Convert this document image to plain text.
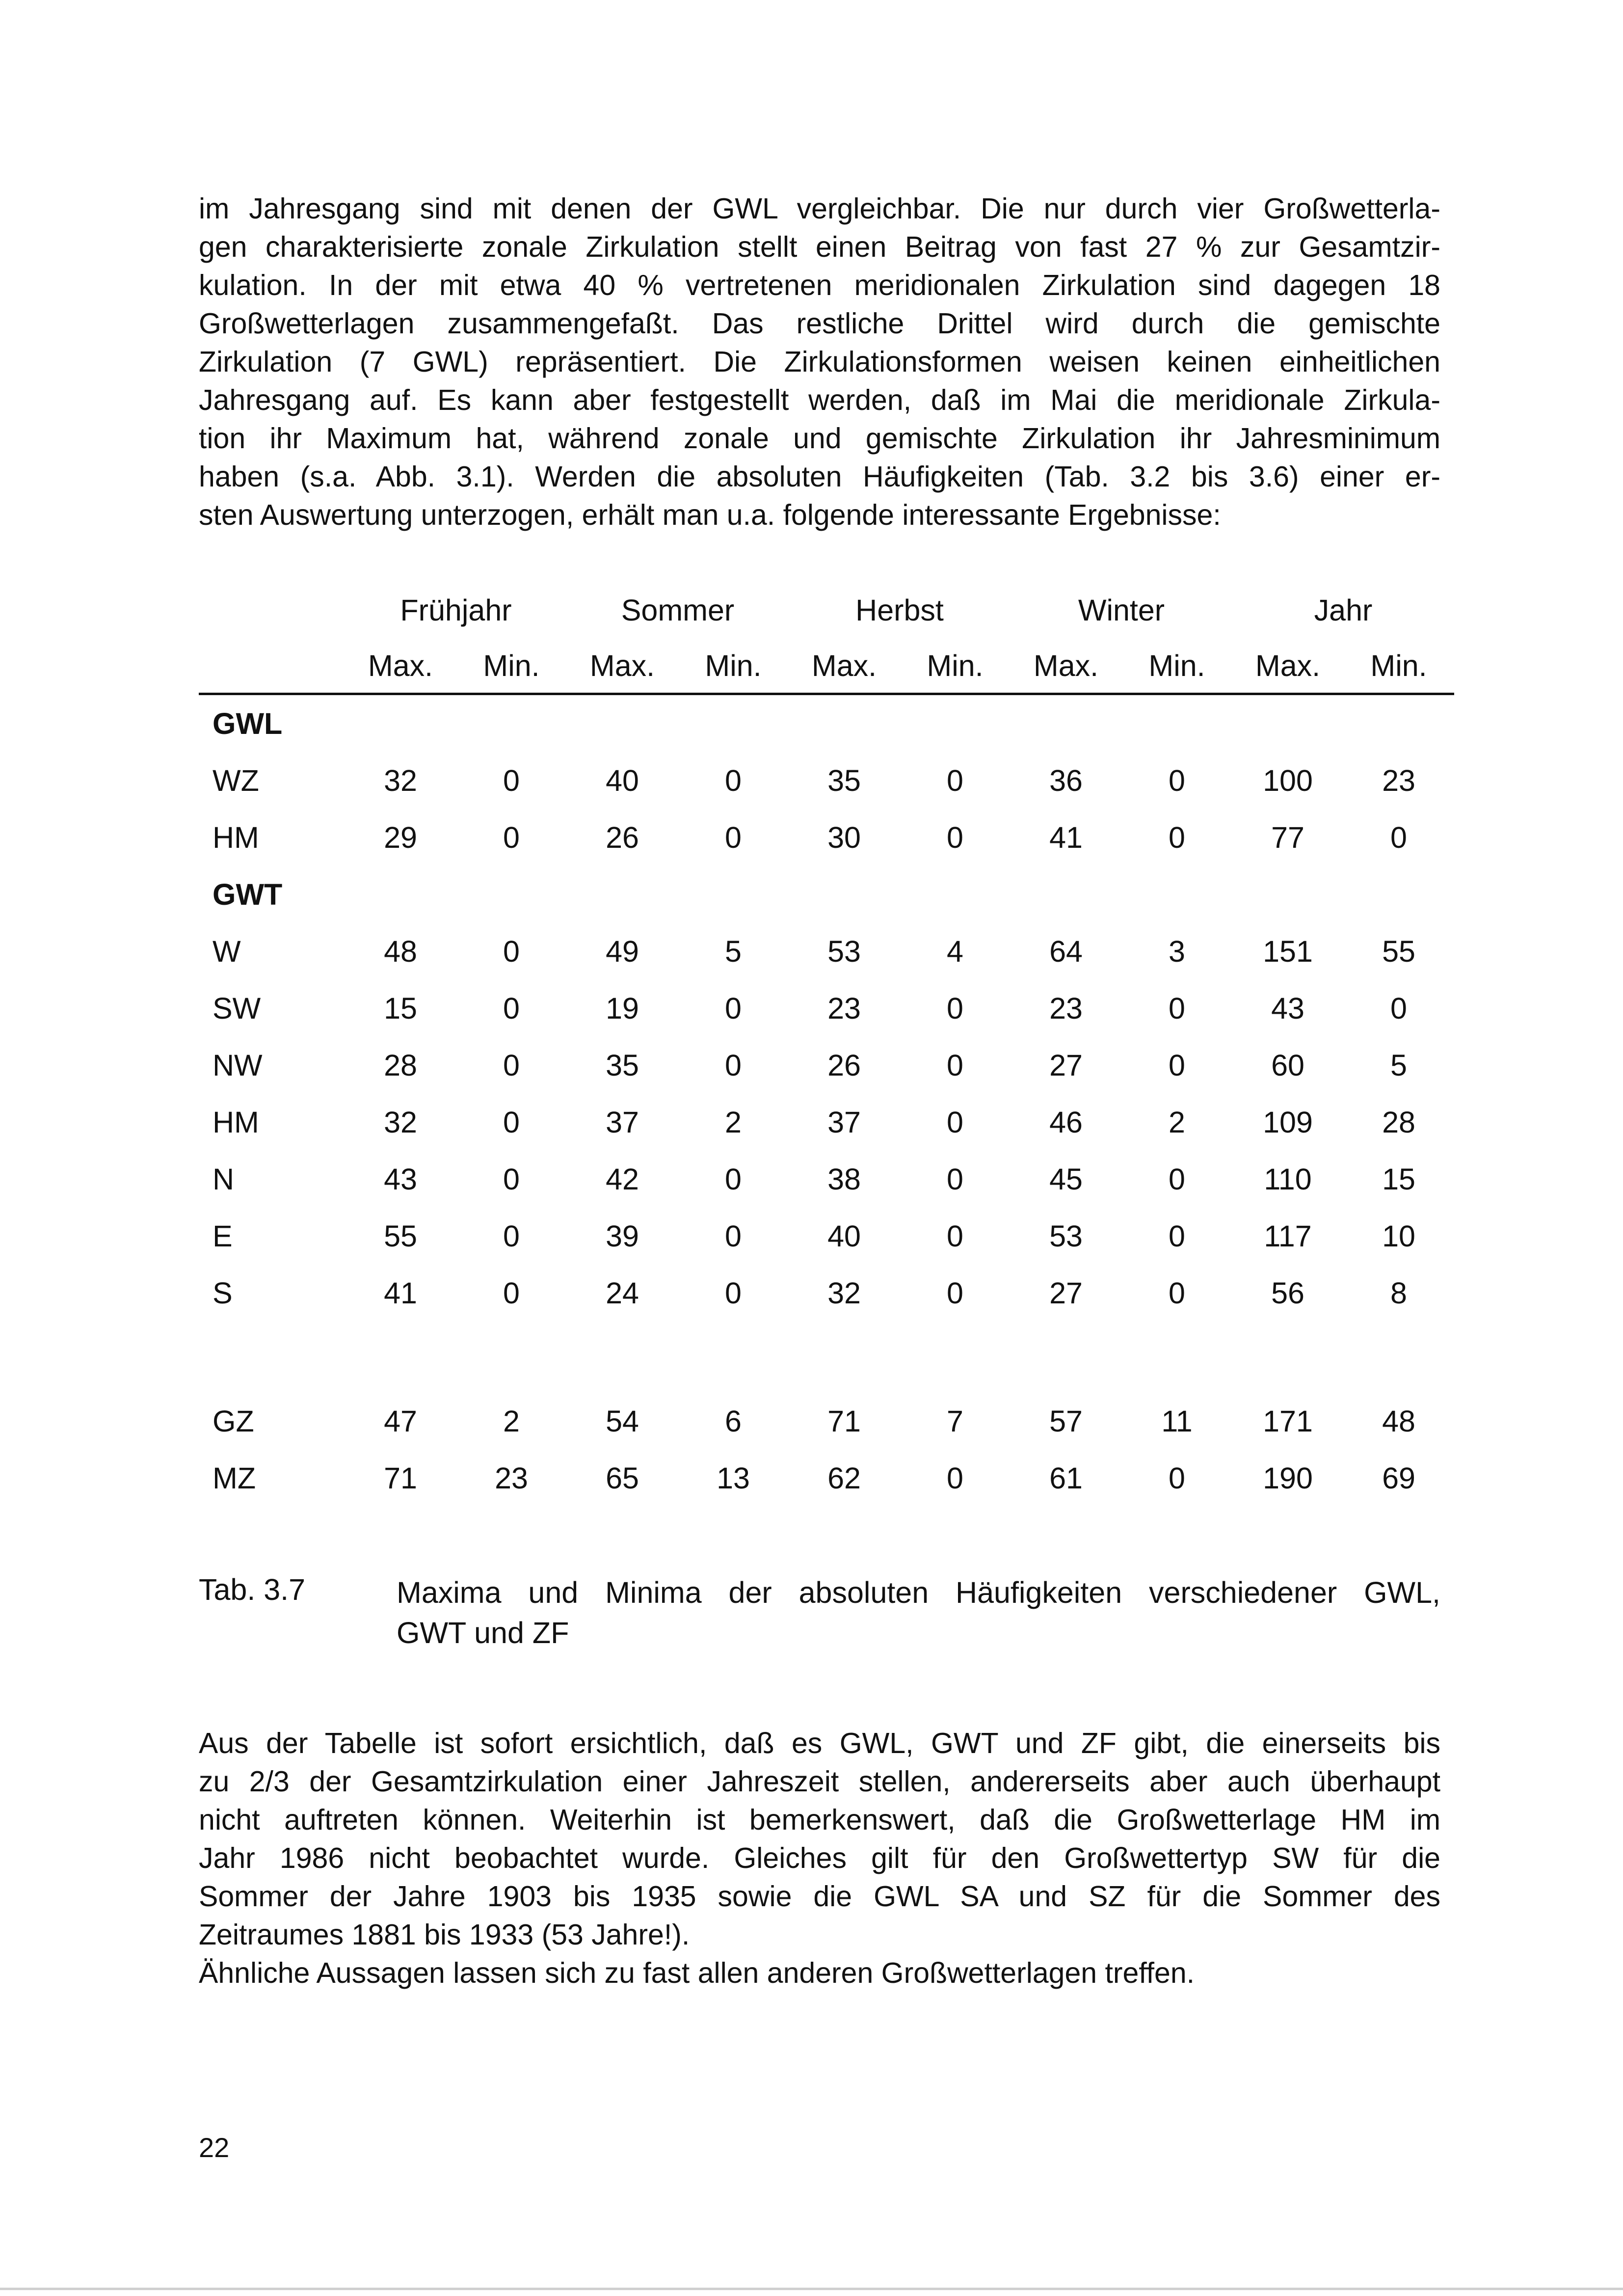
im Jahresgang sind mit denen der GWL vergleichbar. Die nur durch vier Großwetterla-
gen charakterisierte zonale Zirkulation stellt einen Beitrag von fast 27 % zur Gesamtzir-
kulation. In der mit etwa 40 % vertretenen meridionalen Zirkulation sind dagegen 18
Großwetterlagen zusammengefaßt. Das restliche Drittel wird durch die gemischte
Zirkulation (7 GWL) repräsentiert. Die Zirkulationsformen weisen keinen einheitlichen
Jahresgang auf. Es kann aber festgestellt werden, daß im Mai die meridionale Zirkula-
tion ihr Maximum hat, während zonale und gemischte Zirkulation ihr Jahresminimum
haben (s.a. Abb. 3.1). Werden die absoluten Häufigkeiten (Tab. 3.2 bis 3.6) einer er-
sten Auswertung unterzogen, erhält man u.a. folgende interessante Ergebnisse:
	Frühjahr		Sommer		Herbst		Winter		Jahr	
	Max.	Min.	Max.	Min.	Max.	Min.	Max.	Min.	Max.	Min.
GWL										
WZ	32	0	40	0	35	0	36	0	100	23
HM	29	0	26	0	30	0	41	0	77	0
GWT										
W	48	0	49	5	53	4	64	3	151	55
SW	15	0	19	0	23	0	23	0	43	0
NW	28	0	35	0	26	0	27	0	60	5
HM	32	0	37	2	37	0	46	2	109	28
N	43	0	42	0	38	0	45	0	110	15
E	55	0	39	0	40	0	53	0	117	10
S	41	0	24	0	32	0	27	0	56	8

GZ	47	2	54	6	71	7	57	11	171	48
MZ	71	23	65	13	62	0	61	0	190	69

Tab. 3.7	Maxima und Minima der absoluten Häufigkeiten verschiedener GWL,
GWT und ZF
Aus der Tabelle ist sofort ersichtlich, daß es GWL, GWT und ZF gibt, die einerseits bis
zu 2/3 der Gesamtzirkulation einer Jahreszeit stellen, andererseits aber auch überhaupt
nicht auftreten können. Weiterhin ist bemerkenswert, daß die Großwetterlage HM im
Jahr 1986 nicht beobachtet wurde. Gleiches gilt für den Großwettertyp SW für die
Sommer der Jahre 1903 bis 1935 sowie die GWL SA und SZ für die Sommer des
Zeitraumes 1881 bis 1933 (53 Jahre!).
Ähnliche Aussagen lassen sich zu fast allen anderen Großwetterlagen treffen.

22
